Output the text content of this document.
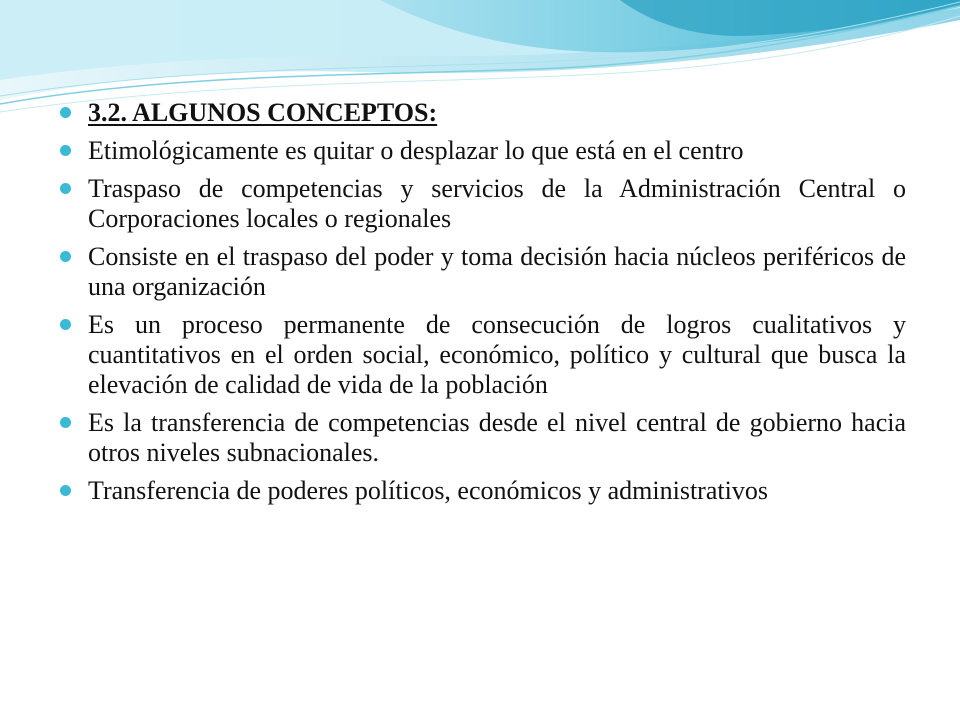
3.2. ALGUNOS CONCEPTOS:
Etimológicamente es quitar o desplazar lo que está en el centro
Traspaso de competencias y servicios de la Administración Central o Corporaciones locales o regionales
Consiste en el traspaso del poder y toma decisión hacia núcleos periféricos de una organización
Es un proceso permanente de consecución de logros cualitativos y cuantitativos en el orden social, económico, político y cultural que busca la elevación de calidad de vida de la población
Es la transferencia de competencias desde el nivel central de gobierno hacia otros niveles subnacionales.
Transferencia de poderes políticos, económicos y administrativos
